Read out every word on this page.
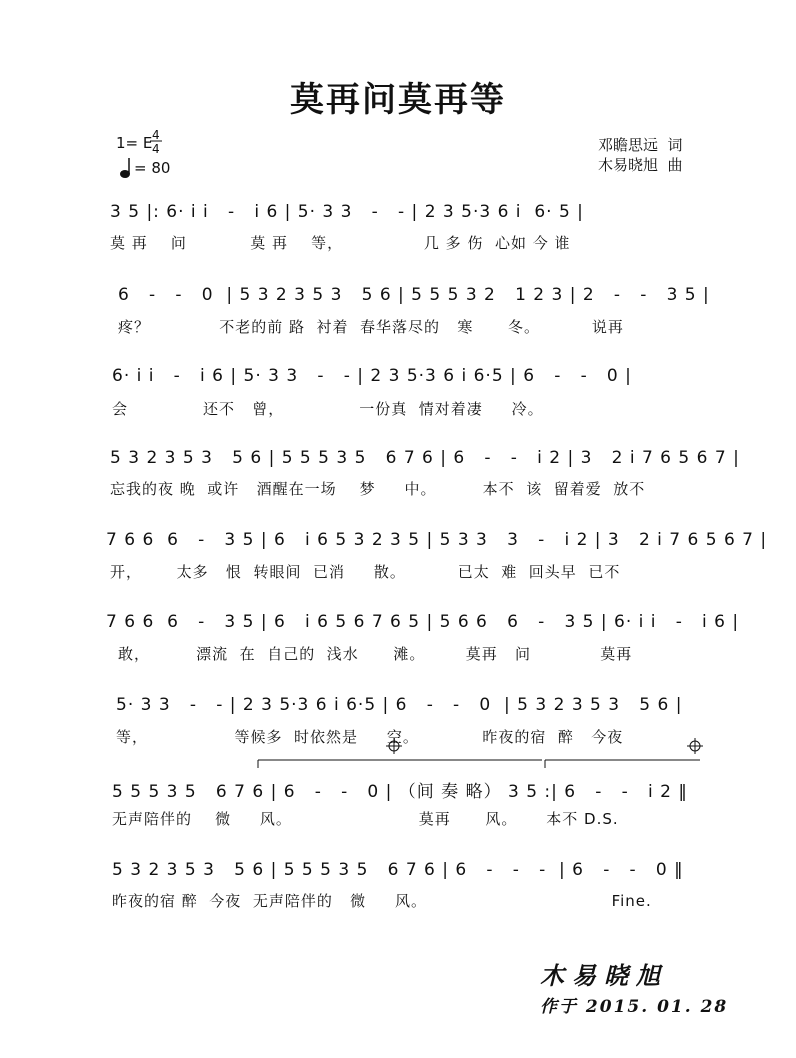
莫再问莫再等
1= E 4
4
= 80
邓瞻思远  词
木易晓旭  曲
3 5 |: 6· i i   -   i 6 | 5· 3 3   -   - | 2 3 5·3 6 i  6· 5 |
莫 再    问           莫 再    等，              几 多 伤  心如 今 谁
6   -   -   0  | 5 3 2 3 5 3   5 6 | 5 5 5 3 2   1 2 3 | 2   -   -   3 5 |
疼？            不老的前 路  衬着  春华落尽的   寒      冬。         说再
6· i i   -   i 6 | 5· 3 3   -   - | 2 3 5·3 6 i 6·5 | 6   -   -   0 |
会             还不   曾，             一份真  情对着凄     冷。
5 3 2 3 5 3   5 6 | 5 5 5 3 5   6 7 6 | 6   -   -   i 2 | 3   2 i 7 6 5 6 7 |
忘我的夜 晚  或许   酒醒在一场    梦     中。        本不  该  留着爱  放不
7 6 6  6   -   3 5 | 6   i 6 5 3 2 3 5 | 5 3 3   3   -   i 2 | 3   2 i 7 6 5 6 7 |
开，      太多   恨  转眼间  已消     散。         已太  难  回头早  已不
7 6 6  6   -   3 5 | 6   i 6 5 6 7 6 5 | 5 6 6   6   -   3 5 | 6· i i   -   i 6 |
敢，        漂流  在  自己的  浅水      滩。       莫再   问            莫再
5· 3 3   -   - | 2 3 5·3 6 i 6·5 | 6   -   -   0  | 5 3 2 3 5 3   5 6 |
等，               等候多  时依然是     空。           昨夜的宿  醉   今夜
5 5 5 3 5   6 7 6 | 6   -   -   0 | （间 奏 略） 3 5 :| 6   -   -   i 2 ‖
无声陪伴的    微     风。                      莫再      风。     本不 D.S.
5 3 2 3 5 3   5 6 | 5 5 5 3 5   6 7 6 | 6   -   -   -  | 6   -   -   0 ‖
昨夜的宿 醉  今夜  无声陪伴的   微     风。                                Fine.
木易晓旭
作于 2015. 01. 28
